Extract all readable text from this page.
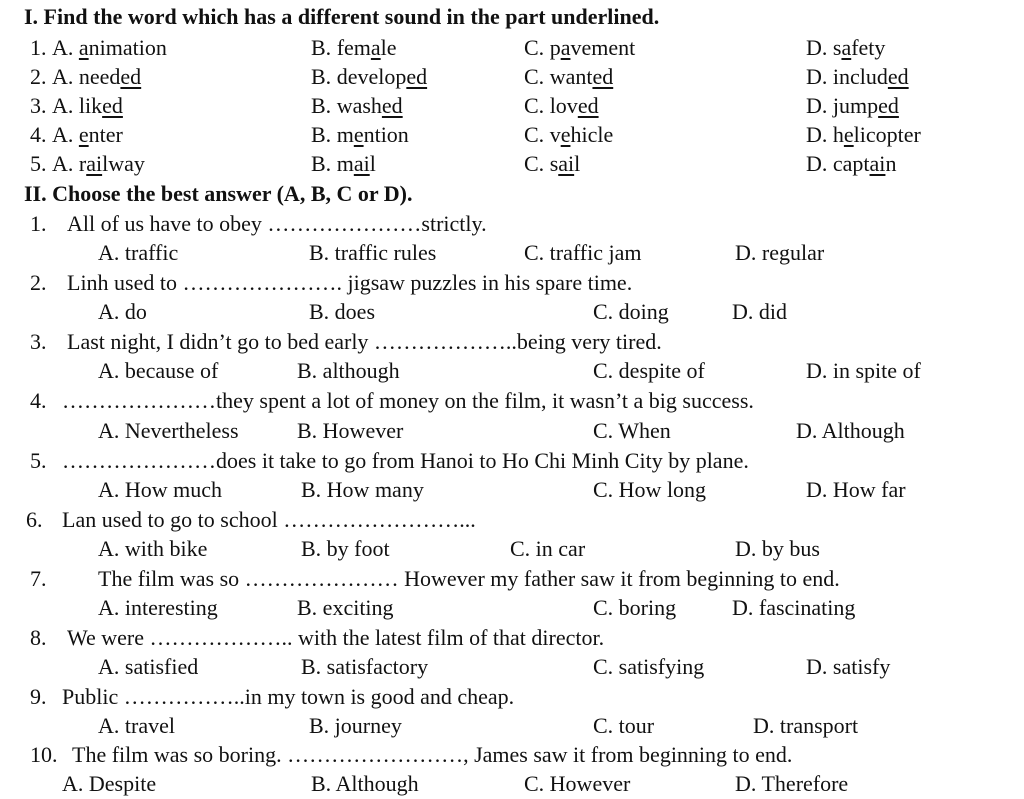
I. Find the word which has a different sound in the part underlined.
1. A. animation	B. female	C. pavement	D. safety
2. A. needed	B. developed	C. wanted	D. included
3. A. liked	B. washed	C. loved	D. jumped
4. A. enter	B. mention	C. vehicle	D. helicopter
5. A. railway	B. mail	C. sail	D. captain
II. Choose the best answer (A, B, C or D).
1. All of us have to obey …………………strictly.
A. traffic	B. traffic rules	C. traffic jam	D. regular
2. Linh used to …………………. jigsaw puzzles in his spare time.
A. do	B. does	C. doing	D. did
3. Last night, I didn’t go to bed early ………………..being very tired.
A. because of	B. although	C. despite of	D. in spite of
4. …………………they spent a lot of money on the film, it wasn’t a big success.
A. Nevertheless	B. However	C. When	D. Although
5. …………………does it take to go from Hanoi to Ho Chi Minh City by plane.
A. How much	B. How many	C. How long	D. How far
6. Lan used to go to school ……………………...
A. with bike	B. by foot	C. in car	D. by bus
7. The film was so ………………… However my father saw it from beginning to end.
A. interesting	B. exciting	C. boring	D. fascinating
8. We were ……………….. with the latest film of that director.
A. satisfied	B. satisfactory	C. satisfying	D. satisfy
9. Public ……………..in my town is good and cheap.
A. travel	B. journey	C. tour	D. transport
10. The film was so boring. ……………………, James saw it from beginning to end.
A. Despite	B. Although	C. However	D. Therefore
